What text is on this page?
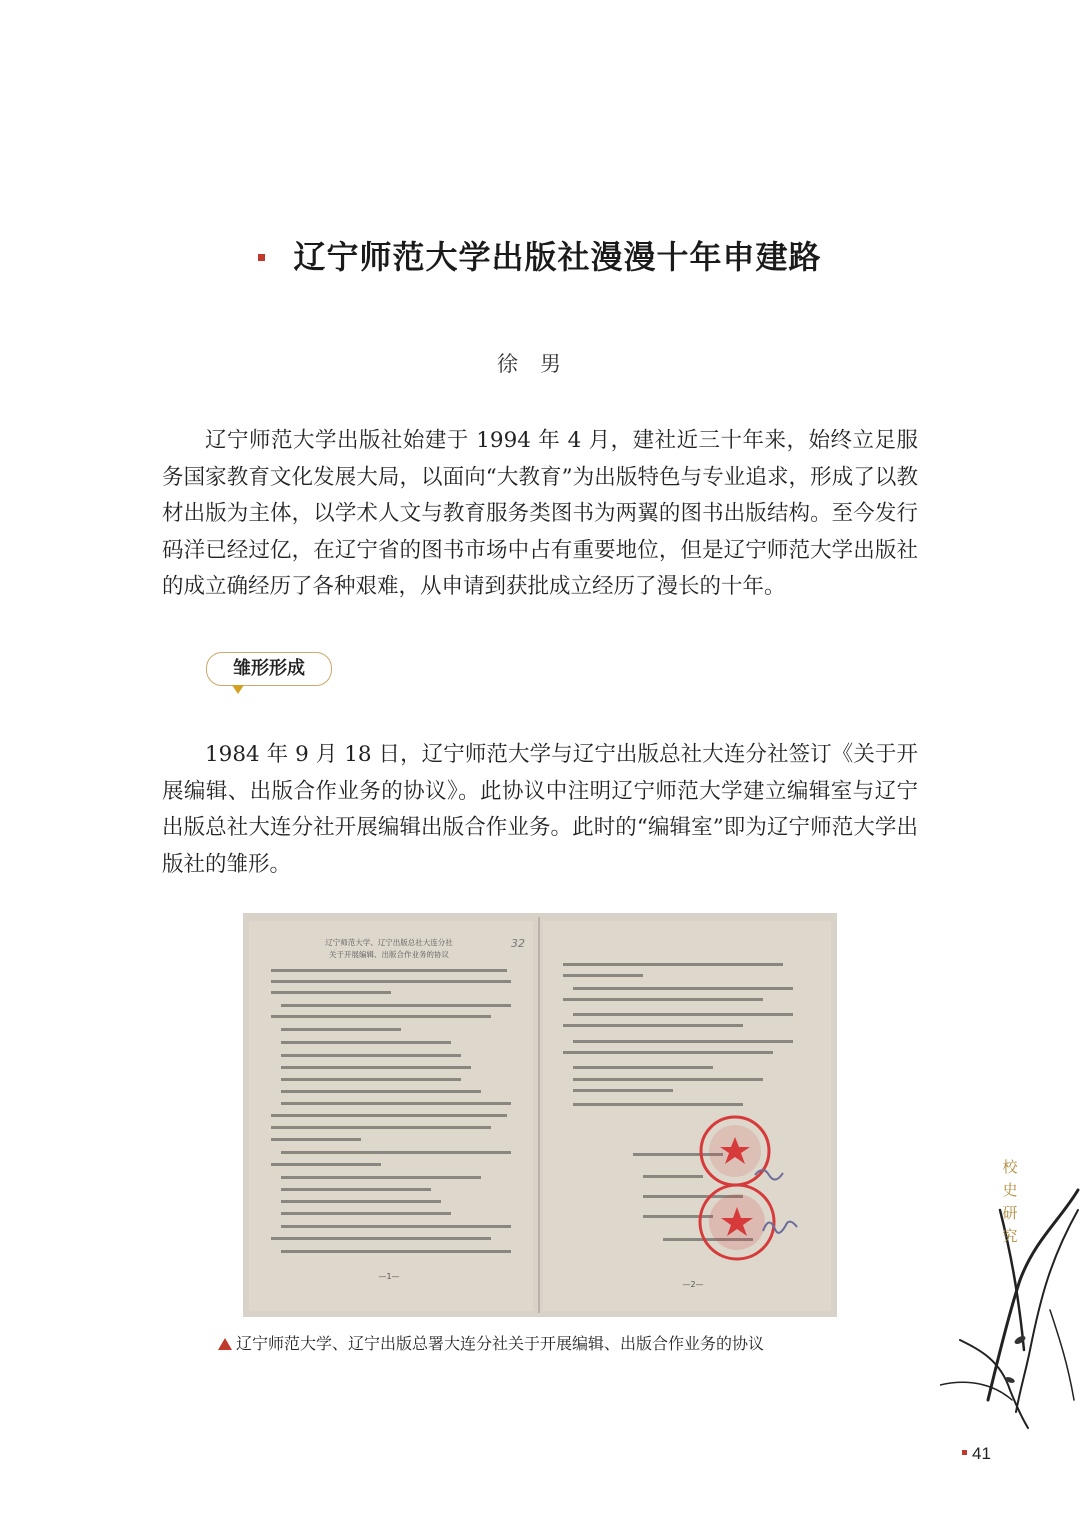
辽宁师范大学出版社漫漫十年申建路
徐男

辽宁师范大学出版社始建于 1994 年 4 月，建社近三十年来，始终立足服务国家教育文化发展大局，以面向“大教育”为出版特色与专业追求，形成了以教材出版为主体，以学术人文与教育服务类图书为两翼的图书出版结构。至今发行码洋已经过亿，在辽宁省的图书市场中占有重要地位，但是辽宁师范大学出版社的成立确经历了各种艰难，从申请到获批成立经历了漫长的十年。

雏形形成

1984 年 9 月 18 日，辽宁师范大学与辽宁出版总社大连分社签订《关于开展编辑、出版合作业务的协议》。此协议中注明辽宁师范大学建立编辑室与辽宁出版总社大连分社开展编辑出版合作业务。此时的“编辑室”即为辽宁师范大学出版社的雏形。

辽宁师范大学、辽宁出版总社大连分社
关于开展编辑、出版合作业务的协议
32
—1—
—2—
辽宁师范大学、辽宁出版总署大连分社关于开展编辑、出版合作业务的协议
校
史
研
究
41
